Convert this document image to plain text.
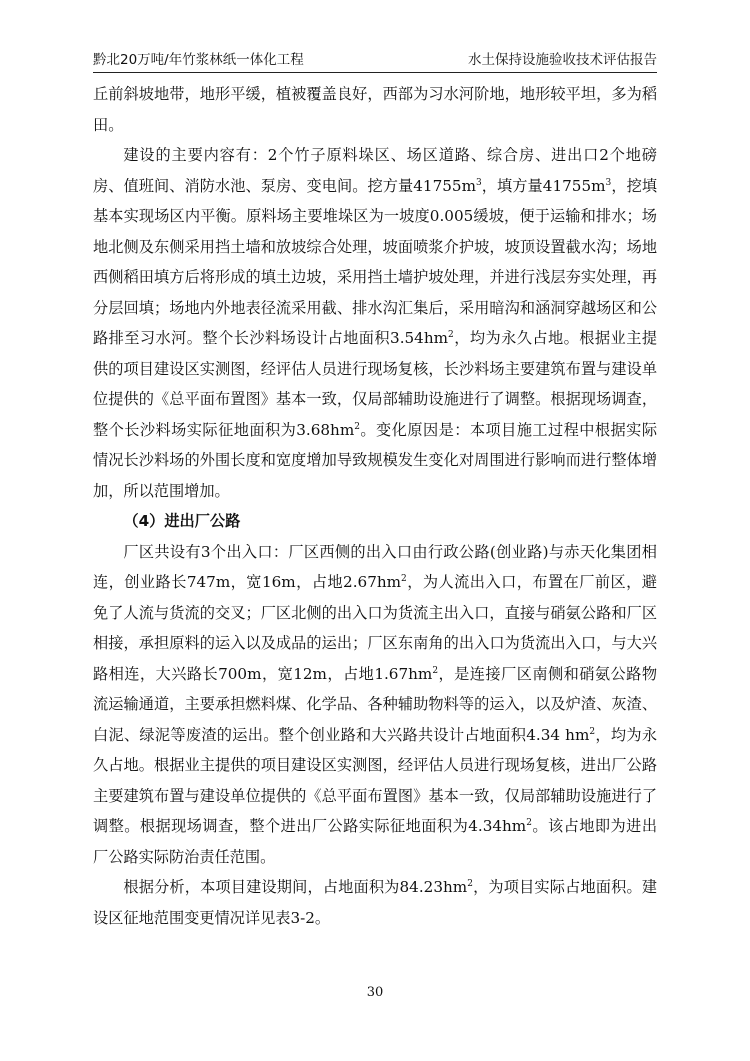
黔北20万吨/年竹浆林纸一体化工程	水土保持设施验收技术评估报告

丘前斜坡地带，地形平缓，植被覆盖良好，西部为习水河阶地，地形较平坦，多为稻田。

建设的主要内容有：2个竹子原料垛区、场区道路、综合房、进出口2个地磅房、值班间、消防水池、泵房、变电间。挖方量$41755m^3$，填方量$41755m^3$，挖填基本实现场区内平衡。原料场主要堆垛区为一坡度0.005缓坡，便于运输和排水；场地北侧及东侧采用挡土墙和放坡综合处理，坡面喷浆介护坡，坡顶设置截水沟；场地西侧稻田填方后将形成的填土边坡，采用挡土墙护坡处理，并进行浅层夯实处理，再分层回填；场地内外地表径流采用截、排水沟汇集后，采用暗沟和涵洞穿越场区和公路排至习水河。整个长沙料场设计占地面积$3.54hm^2$，均为永久占地。根据业主提供的项目建设区实测图，经评估人员进行现场复核，长沙料场主要建筑布置与建设单位提供的《总平面布置图》基本一致，仅局部辅助设施进行了调整。根据现场调查，整个长沙料场实际征地面积为$3.68hm^2$。变化原因是：本项目施工过程中根据实际情况长沙料场的外围长度和宽度增加导致规模发生变化对周围进行影响而进行整体增加，所以范围增加。

（4）进出厂公路

厂区共设有3个出入口：厂区西侧的出入口由行政公路(创业路)与赤天化集团相连，创业路长747m，宽16m，占地$2.67hm^2$，为人流出入口，布置在厂前区，避免了人流与货流的交叉；厂区北侧的出入口为货流主出入口，直接与硝氨公路和厂区相接，承担原料的运入以及成品的运出；厂区东南角的出入口为货流出入口，与大兴路相连，大兴路长700m，宽12m，占地$1.67hm^2$，是连接厂区南侧和硝氨公路物流运输通道，主要承担燃料煤、化学品、各种辅助物料等的运入，以及炉渣、灰渣、白泥、绿泥等废渣的运出。整个创业路和大兴路共设计占地面积4.34 $hm^2$，均为永久占地。根据业主提供的项目建设区实测图，经评估人员进行现场复核，进出厂公路主要建筑布置与建设单位提供的《总平面布置图》基本一致，仅局部辅助设施进行了调整。根据现场调查，整个进出厂公路实际征地面积为$4.34hm^2$。该占地即为进出厂公路实际防治责任范围。

根据分析，本项目建设期间，占地面积为$84.23hm^2$，为项目实际占地面积。建设区征地范围变更情况详见表3-2。

30
